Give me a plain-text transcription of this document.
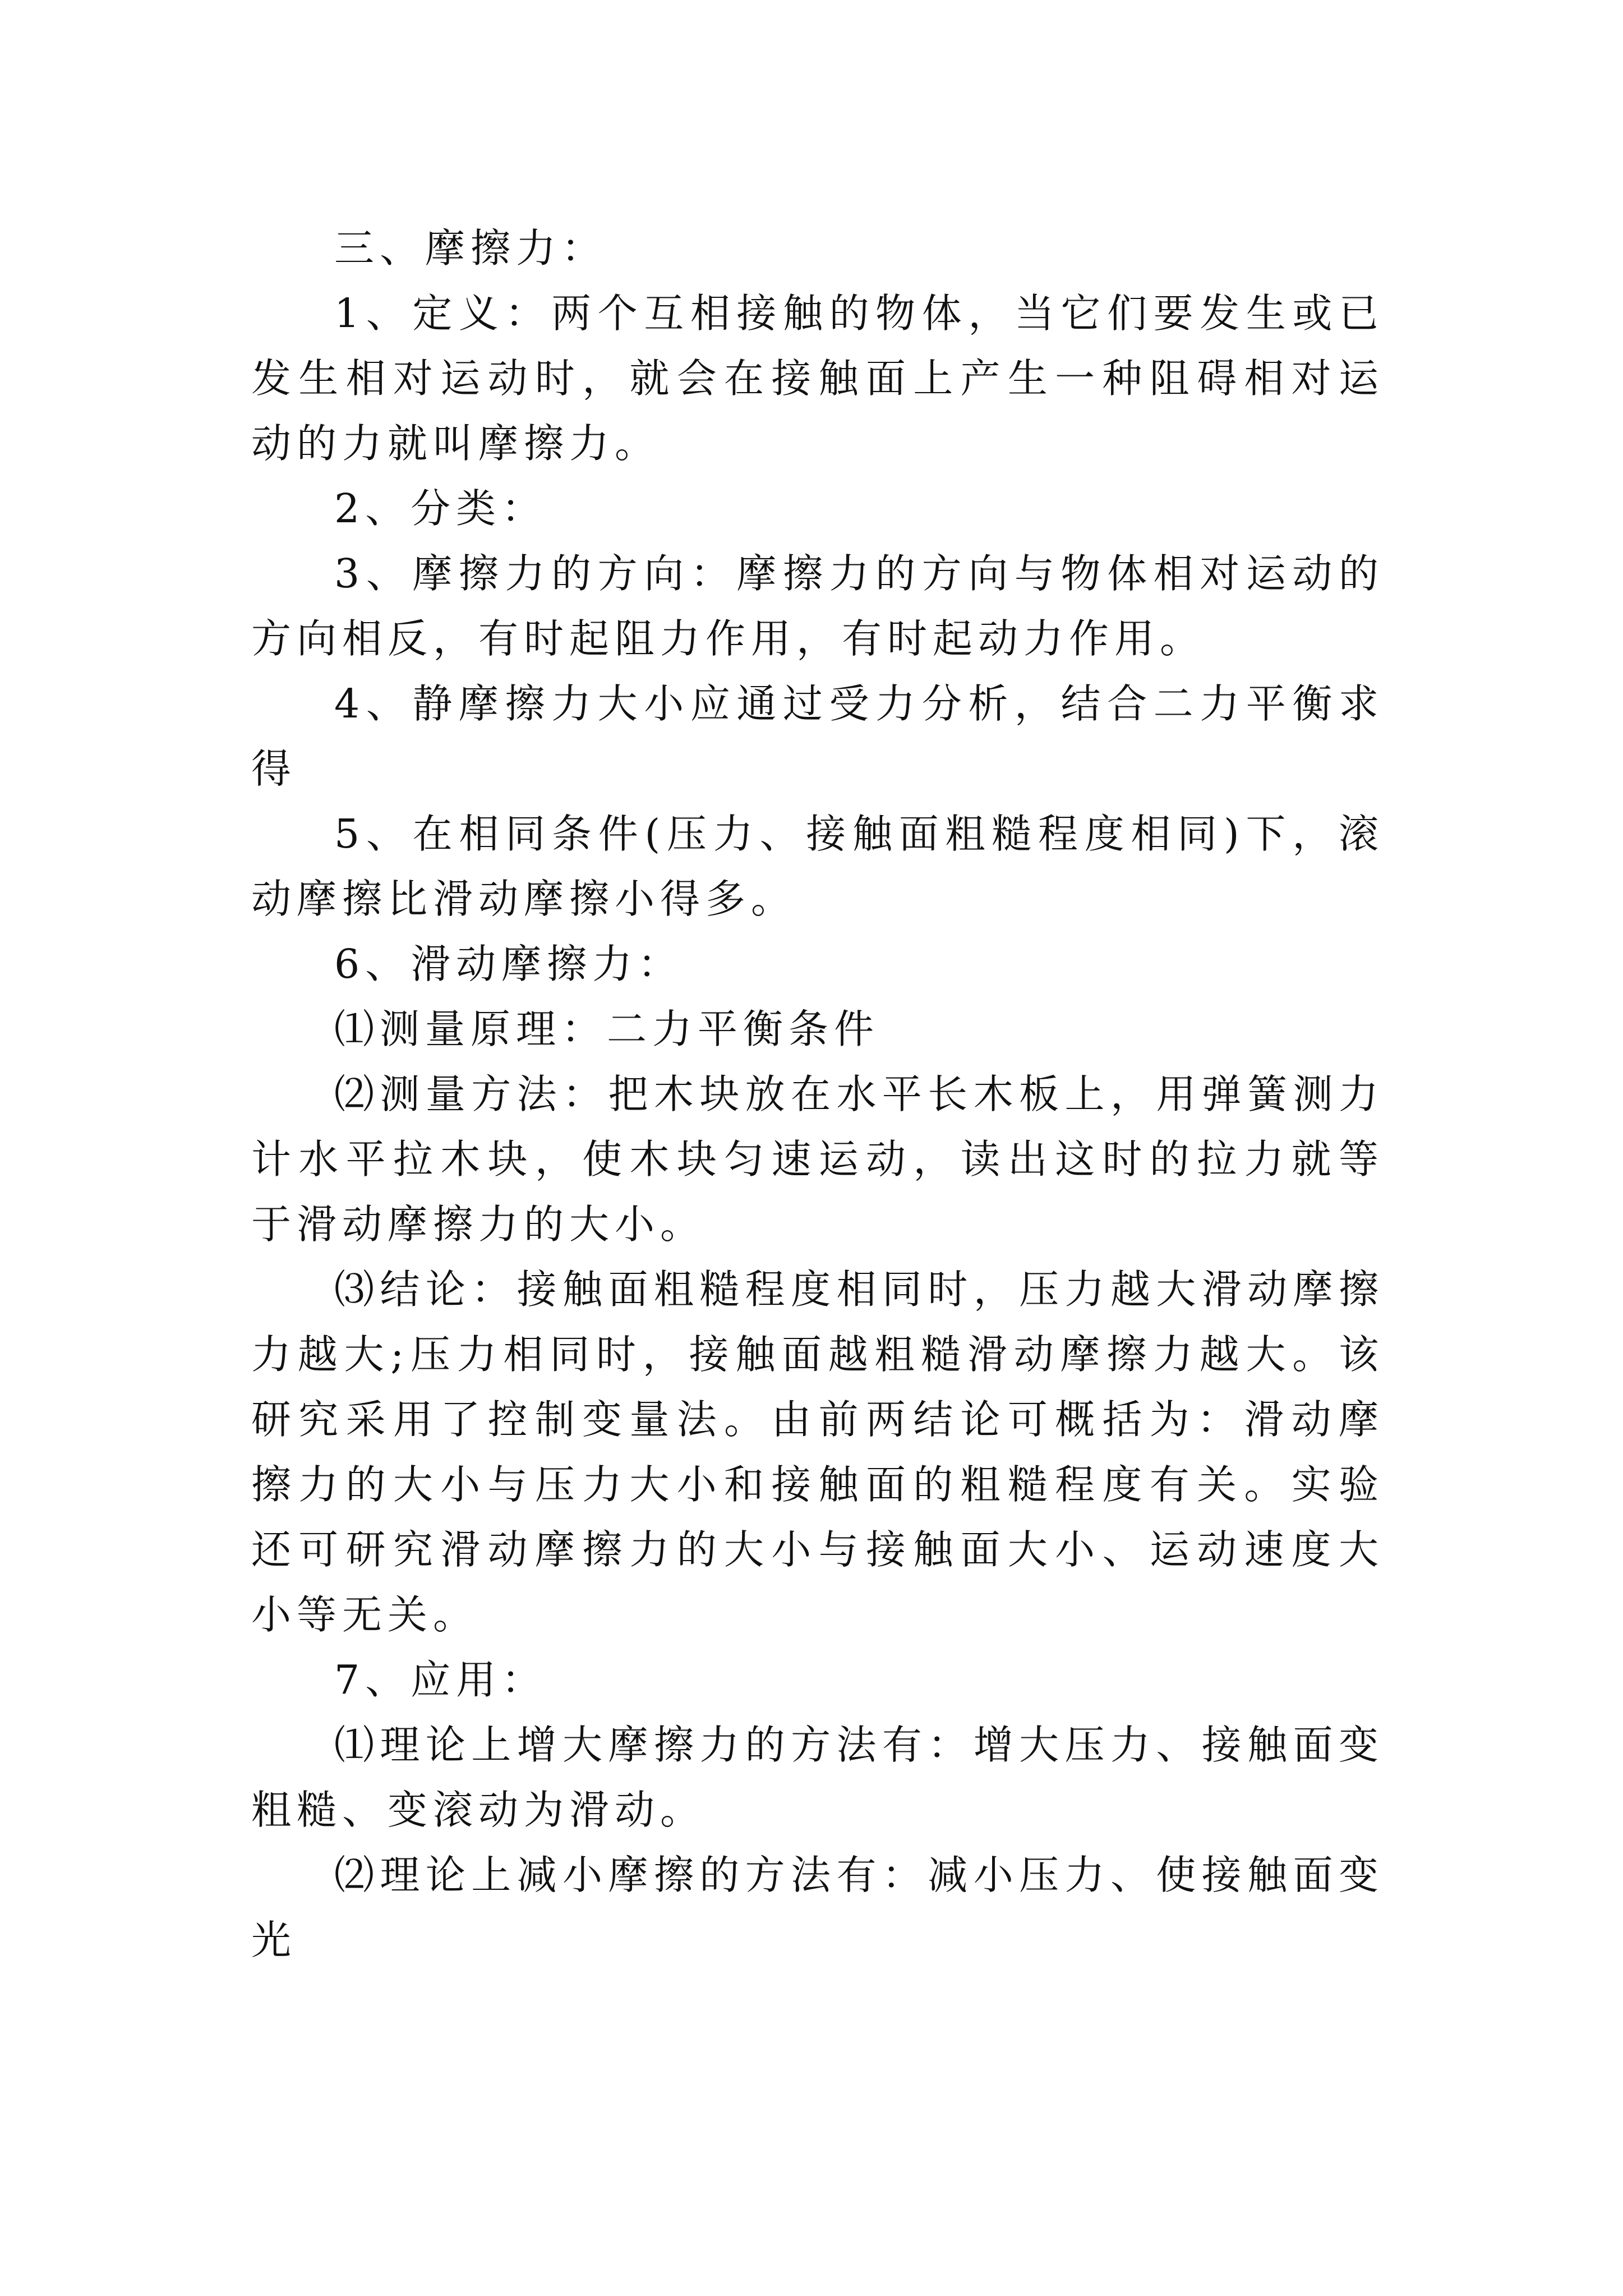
三、摩擦力：

1、定义：两个互相接触的物体，当它们要发生或已发生相对运动时，就会在接触面上产生一种阻碍相对运动的力就叫摩擦力。

2、分类：

3、摩擦力的方向：摩擦力的方向与物体相对运动的方向相反，有时起阻力作用，有时起动力作用。

4、静摩擦力大小应通过受力分析，结合二力平衡求得

5、在相同条件(压力、接触面粗糙程度相同)下，滚动摩擦比滑动摩擦小得多。

6、滑动摩擦力：

⑴测量原理：二力平衡条件

⑵测量方法：把木块放在水平长木板上，用弹簧测力计水平拉木块，使木块匀速运动，读出这时的拉力就等于滑动摩擦力的大小。

⑶结论：接触面粗糙程度相同时，压力越大滑动摩擦力越大;压力相同时，接触面越粗糙滑动摩擦力越大。该研究采用了控制变量法。由前两结论可概括为：滑动摩擦力的大小与压力大小和接触面的粗糙程度有关。实验还可研究滑动摩擦力的大小与接触面大小、运动速度大小等无关。

7、应用：

⑴理论上增大摩擦力的方法有：增大压力、接触面变粗糙、变滚动为滑动。

⑵理论上减小摩擦的方法有：减小压力、使接触面变光
